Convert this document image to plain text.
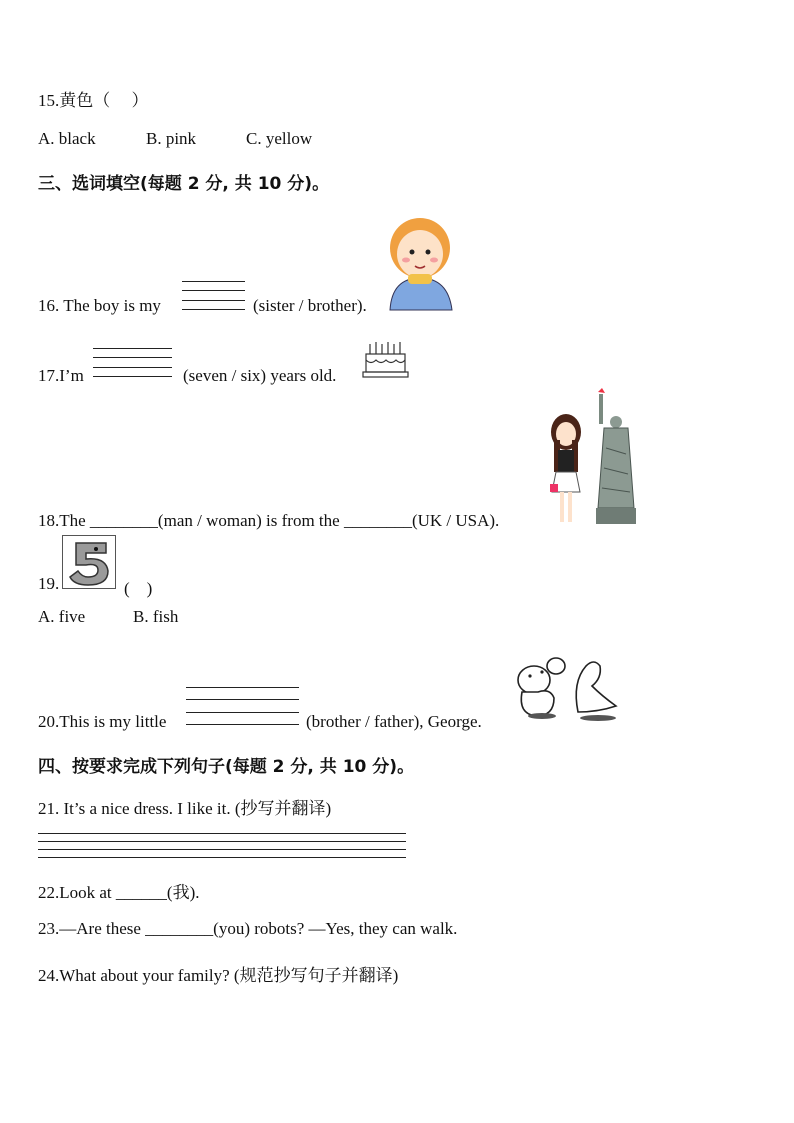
15.黄色（　 ）
A. black	B. pink	C. yellow
三、选词填空(每题 2 分, 共 10 分)。
16. The boy is my	(sister / brother).
17.I’m	(seven / six) years old.
18.The ________(man / woman) is from the ________(UK / USA).
19.	(　)
A. five	B. fish
20.This is my little	(brother / father), George.
四、按要求完成下列句子(每题 2 分, 共 10 分)。
21. It’s a nice dress. I like it. (抄写并翻译)
22.Look at ______(我).
23.—Are these ________(you) robots? —Yes, they can walk.
24.What about your family? (规范抄写句子并翻译)
